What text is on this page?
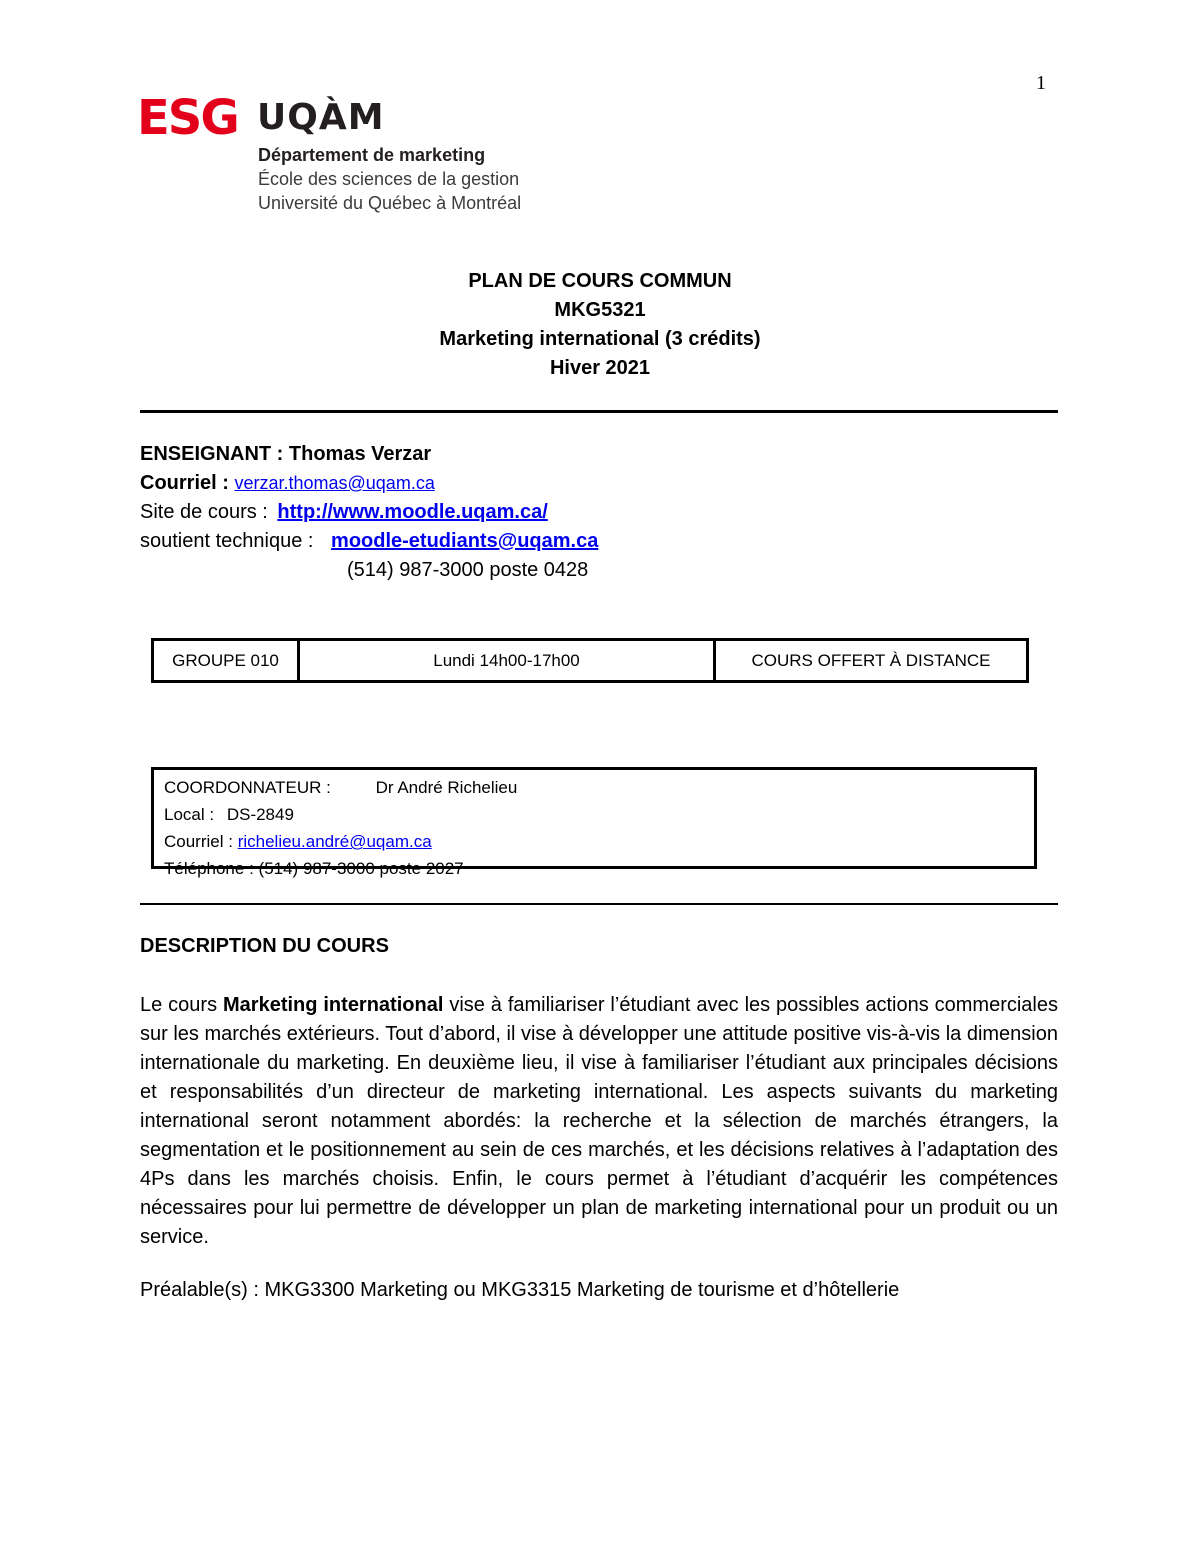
1
ESG UQÀM
Département de marketing
École des sciences de la gestion
Université du Québec à Montréal
PLAN DE COURS COMMUN
MKG5321
Marketing international (3 crédits)
Hiver 2021
ENSEIGNANT : Thomas Verzar
Courriel : verzar.thomas@uqam.ca
Site de cours : http://www.moodle.uqam.ca/
soutient technique : moodle-etudiants@uqam.ca
(514) 987-3000 poste 0428
GROUPE 010	Lundi 14h00-17h00	COURS OFFERT À DISTANCE
COORDONNATEUR :	Dr André Richelieu
Local : DS-2849
Courriel : richelieu.andré@uqam.ca
Téléphone : (514) 987-3000 poste 2027
DESCRIPTION DU COURS
Le cours Marketing international vise à familiariser l’étudiant avec les possibles actions commerciales sur les marchés extérieurs. Tout d’abord, il vise à développer une attitude positive vis-à-vis la dimension internationale du marketing. En deuxième lieu, il vise à familiariser l’étudiant aux principales décisions et responsabilités d’un directeur de marketing international. Les aspects suivants du marketing international seront notamment abordés: la recherche et la sélection de marchés étrangers, la segmentation et le positionnement au sein de ces marchés, et les décisions relatives à l’adaptation des 4Ps dans les marchés choisis. Enfin, le cours permet à l’étudiant d’acquérir les compétences nécessaires pour lui permettre de développer un plan de marketing international pour un produit ou un service.
Préalable(s) : MKG3300 Marketing ou MKG3315 Marketing de tourisme et d’hôtellerie
